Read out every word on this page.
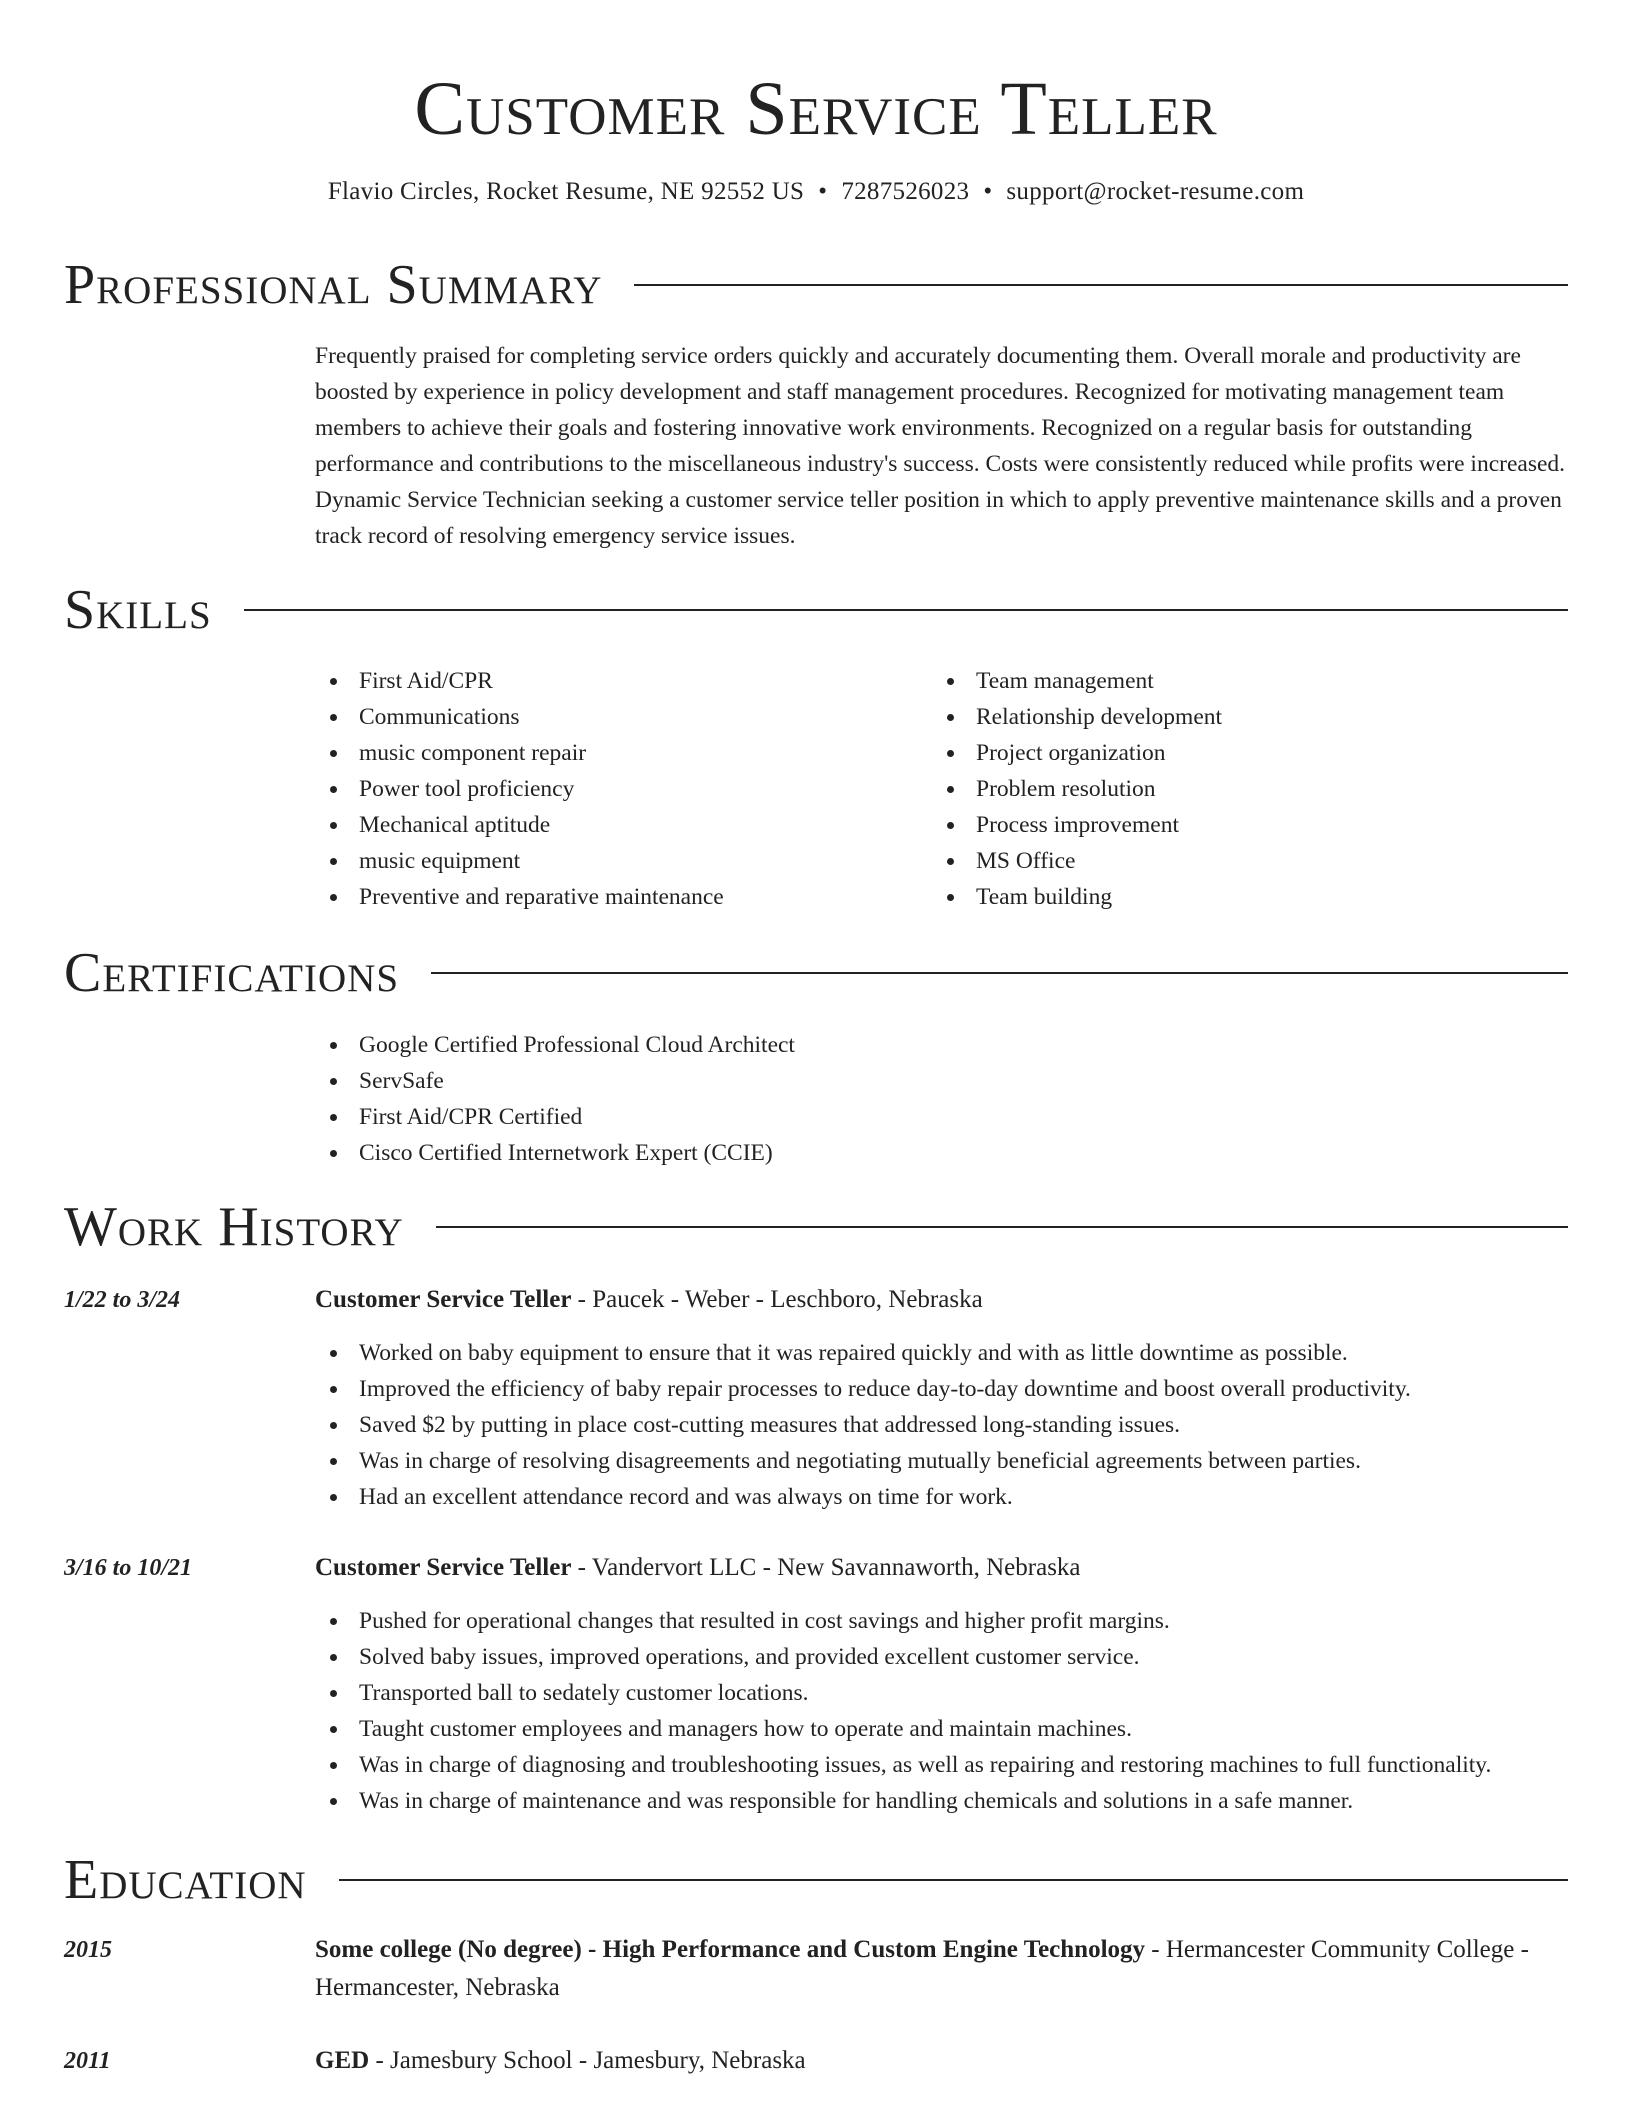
Customer Service Teller
Flavio Circles, Rocket Resume, NE 92552 US • 7287526023 • support@rocket-resume.com
Professional Summary

Frequently praised for completing service orders quickly and accurately documenting them. Overall morale and productivity are boosted by experience in policy development and staff management procedures. Recognized for motivating management team members to achieve their goals and fostering innovative work environments. Recognized on a regular basis for outstanding performance and contributions to the miscellaneous industry's success. Costs were consistently reduced while profits were increased. Dynamic Service Technician seeking a customer service teller position in which to apply preventive maintenance skills and a proven track record of resolving emergency service issues.

Skills
First Aid/CPR
Communications
music component repair
Power tool proficiency
Mechanical aptitude
music equipment
Preventive and reparative maintenance
Team management
Relationship development
Project organization
Problem resolution
Process improvement
MS Office
Team building
Certifications
Google Certified Professional Cloud Architect
ServSafe
First Aid/CPR Certified
Cisco Certified Internetwork Expert (CCIE)
Work History
1/22 to 3/24	Customer Service Teller - Paucek - Weber - Leschboro, Nebraska
Worked on baby equipment to ensure that it was repaired quickly and with as little downtime as possible.
Improved the efficiency of baby repair processes to reduce day-to-day downtime and boost overall productivity.
Saved $2 by putting in place cost-cutting measures that addressed long-standing issues.
Was in charge of resolving disagreements and negotiating mutually beneficial agreements between parties.
Had an excellent attendance record and was always on time for work.
3/16 to 10/21	Customer Service Teller - Vandervort LLC - New Savannaworth, Nebraska
Pushed for operational changes that resulted in cost savings and higher profit margins.
Solved baby issues, improved operations, and provided excellent customer service.
Transported ball to sedately customer locations.
Taught customer employees and managers how to operate and maintain machines.
Was in charge of diagnosing and troubleshooting issues, as well as repairing and restoring machines to full functionality.
Was in charge of maintenance and was responsible for handling chemicals and solutions in a safe manner.
Education
2015	Some college (No degree) - High Performance and Custom Engine Technology - Hermancester Community College - Hermancester, Nebraska
2011	GED - Jamesbury School - Jamesbury, Nebraska
